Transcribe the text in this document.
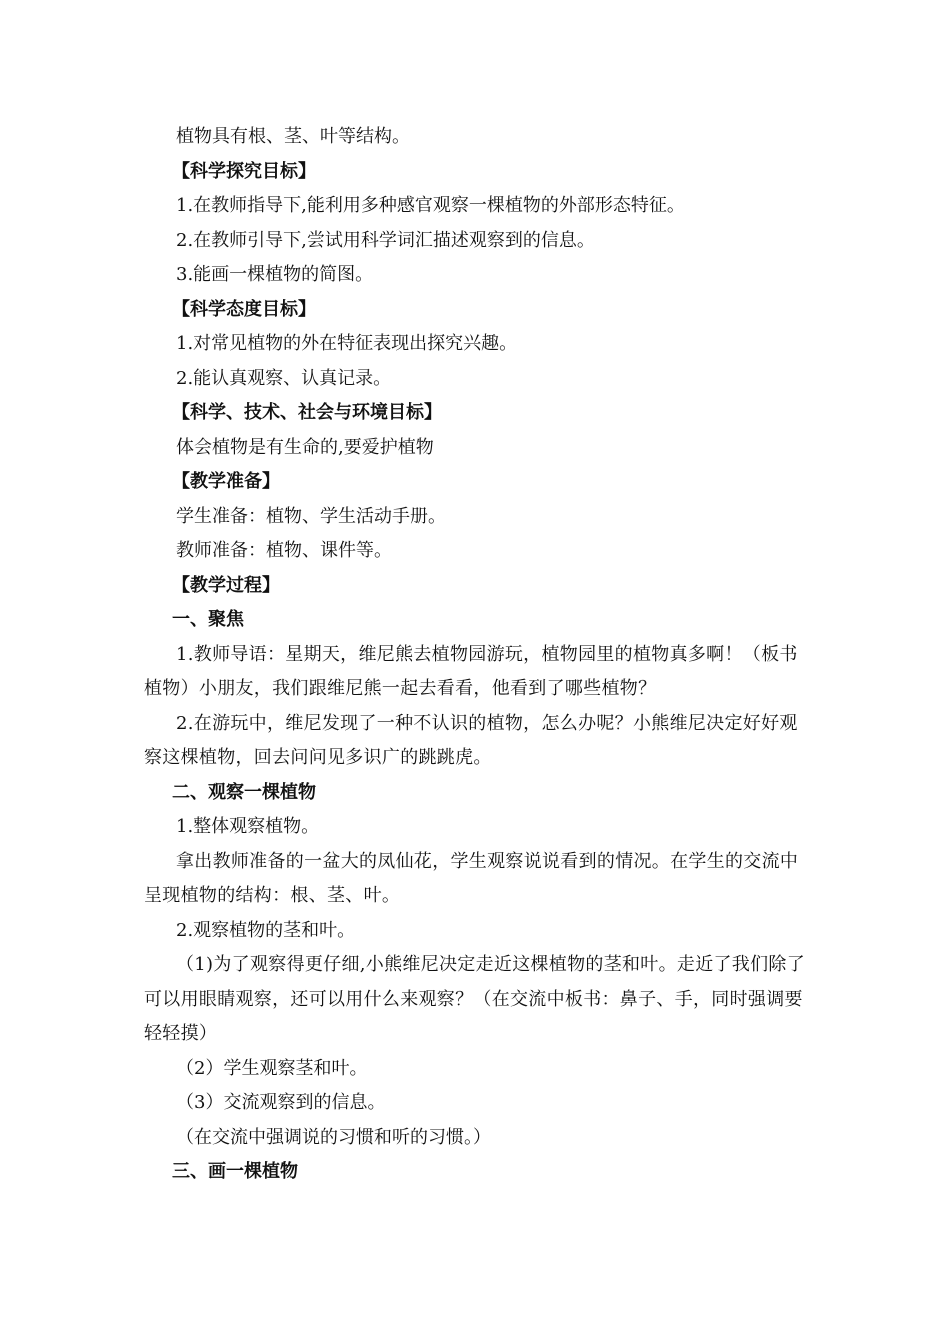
植物具有根、茎、叶等结构。

【科学探究目标】

1.在教师指导下,能利用多种感官观察一棵植物的外部形态特征。

2.在教师引导下,尝试用科学词汇描述观察到的信息。

3.能画一棵植物的简图。

【科学态度目标】

1.对常见植物的外在特征表现出探究兴趣。

2.能认真观察、认真记录。

【科学、技术、社会与环境目标】

体会植物是有生命的,要爱护植物

【教学准备】

学生准备：植物、学生活动手册。

教师准备：植物、课件等。

【教学过程】

一、聚焦

1.教师导语：星期天，维尼熊去植物园游玩，植物园里的植物真多啊！（板书植物）小朋友，我们跟维尼熊一起去看看，他看到了哪些植物？

2.在游玩中，维尼发现了一种不认识的植物，怎么办呢？小熊维尼决定好好观察这棵植物，回去问问见多识广的跳跳虎。

二、观察一棵植物

1.整体观察植物。

拿出教师准备的一盆大的凤仙花，学生观察说说看到的情况。在学生的交流中呈现植物的结构：根、茎、叶。

2.观察植物的茎和叶。

（1)为了观察得更仔细,小熊维尼决定走近这棵植物的茎和叶。走近了我们除了可以用眼睛观察，还可以用什么来观察？（在交流中板书：鼻子、手，同时强调要轻轻摸）

（2）学生观察茎和叶。

（3）交流观察到的信息。

（在交流中强调说的习惯和听的习惯。）

三、画一棵植物
